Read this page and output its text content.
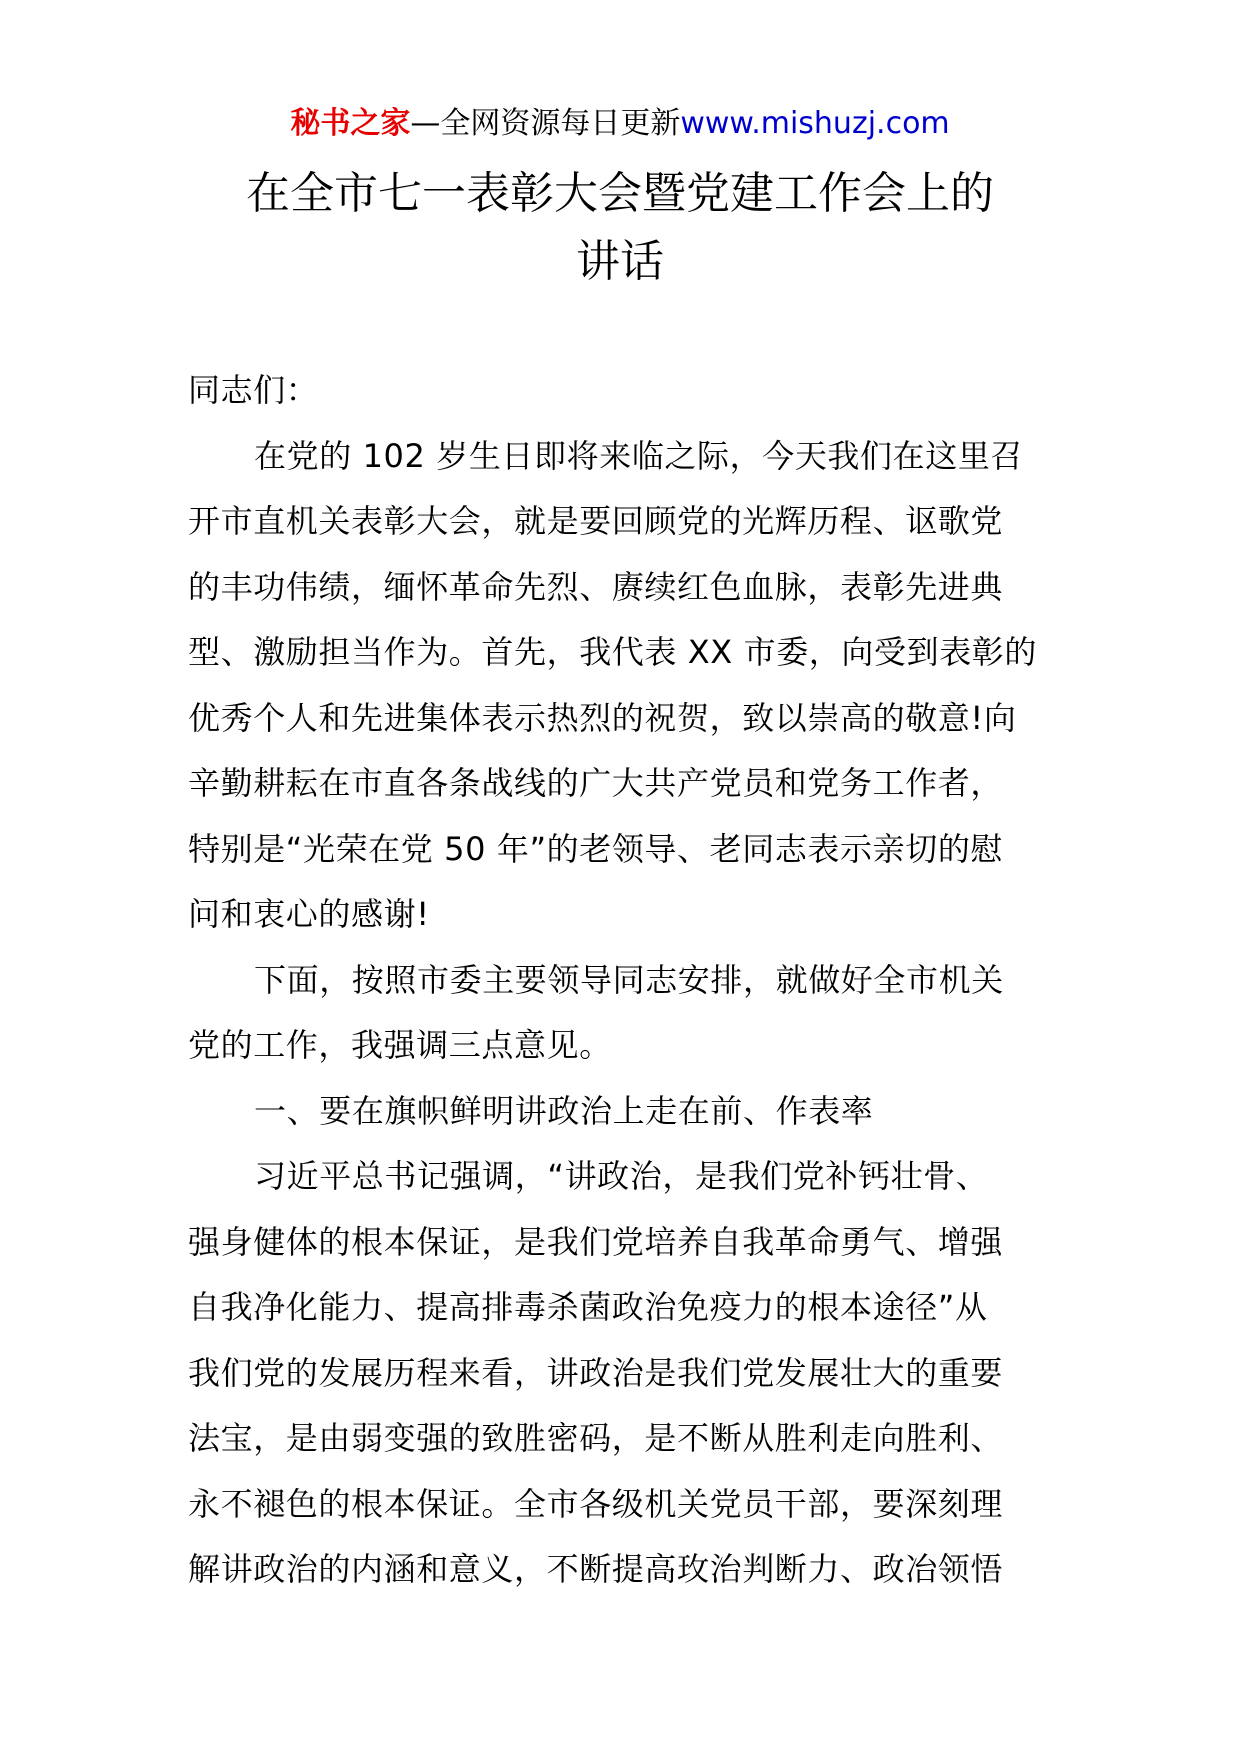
秘书之家—全网资源每日更新www.mishuzj.com
在全市七一表彰大会暨党建工作会上的
讲话
同志们：
在党的 102 岁生日即将来临之际，今天我们在这里召
开市直机关表彰大会，就是要回顾党的光辉历程、讴歌党
的丰功伟绩，缅怀革命先烈、赓续红色血脉，表彰先进典
型、激励担当作为。首先，我代表 XX 市委，向受到表彰的
优秀个人和先进集体表示热烈的祝贺，致以崇高的敬意!向
辛勤耕耘在市直各条战线的广大共产党员和党务工作者，
特别是“光荣在党 50 年”的老领导、老同志表示亲切的慰
问和衷心的感谢!
下面，按照市委主要领导同志安排，就做好全市机关
党的工作，我强调三点意见。
一、要在旗帜鲜明讲政治上走在前、作表率
习近平总书记强调，“讲政治，是我们党补钙壮骨、
强身健体的根本保证，是我们党培养自我革命勇气、增强
自我净化能力、提高排毒杀菌政治免疫力的根本途径”从
我们党的发展历程来看，讲政治是我们党发展壮大的重要
法宝，是由弱变强的致胜密码，是不断从胜利走向胜利、
永不褪色的根本保证。全市各级机关党员干部，要深刻理
解讲政治的内涵和意义，不断提高玫治判断力、政冶领悟
